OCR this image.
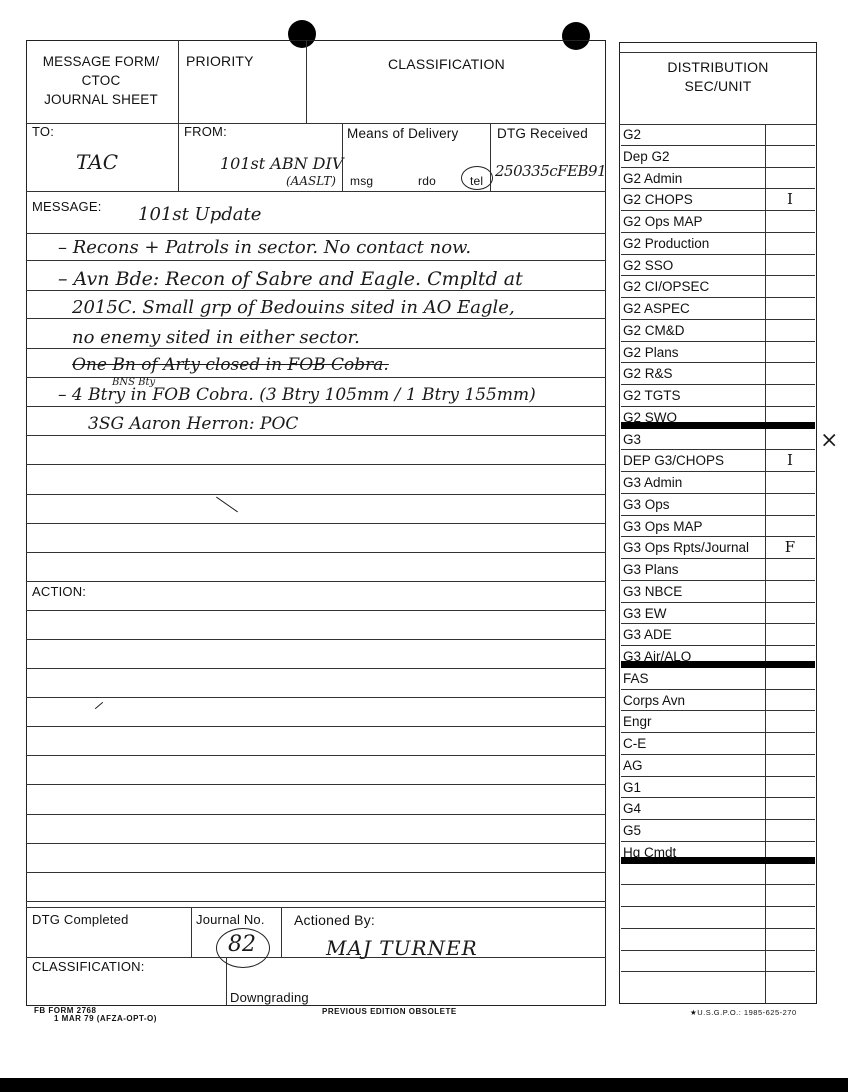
MESSAGE FORM/
CTOC
JOURNAL SHEET
PRIORITY	CLASSIFICATION
TO:
TAC
FROM:
101st ABN DIV
(AASLT)
Means of Delivery
msg	rdo	tel
DTG Received
250335cFEB91
MESSAGE: 101st Update
– Recons + Patrols in sector. No contact now.
– Avn Bde: Recon of Sabre and Eagle. Cmpltd at
2015C. Small grp of Bedouins sited in AO Eagle,
no enemy sited in either sector.
One Bn of Arty closed in FOB Cobra.
– 4 Btry in FOB Cobra. (3 Btry 105mm / 1 Btry 155mm)
BNS Bty
3SG Aaron Herron: POC
ACTION:
DTG Completed	Journal No.
82
Actioned By:
MAJ TURNER
CLASSIFICATION:
Downgrading
FB FORM 2768
1 MAR 79 (AFZA-OPT-O)
PREVIOUS EDITION OBSOLETE	★U.S.G.P.O.: 1985-625-270
DISTRIBUTION
SEC/UNIT
G2
Dep G2
G2 Admin
G2 CHOPS	I
G2 Ops MAP
G2 Production
G2 SSO
G2 CI/OPSEC
G2 ASPEC
G2 CM&D
G2 Plans
G2 R&S
G2 TGTS
G2 SWO
G3
DEP G3/CHOPS	I
G3 Admin
G3 Ops
G3 Ops MAP
G3 Ops Rpts/Journal	F
G3 Plans
G3 NBCE
G3 EW
G3 ADE
G3 Air/ALO
FAS
Corps Avn
Engr
C-E
AG
G1
G4
G5
Hq Cmdt
⨯
